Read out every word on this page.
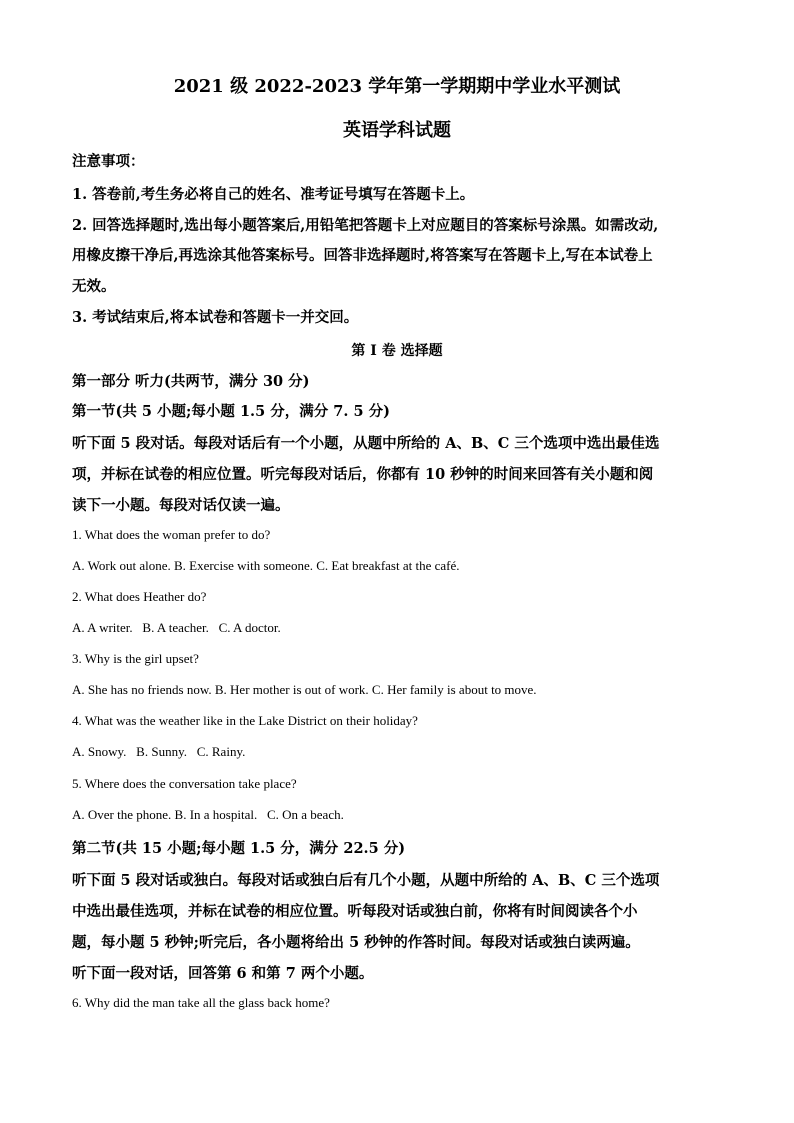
2021 级 2022-2023 学年第一学期期中学业水平测试
英语学科试题
注意事项：
1. 答卷前,考生务必将自己的姓名、准考证号填写在答题卡上。
2. 回答选择题时,选出每小题答案后,用铅笔把答题卡上对应题目的答案标号涂黑。如需改动,
用橡皮擦干净后,再选涂其他答案标号。回答非选择题时,将答案写在答题卡上,写在本试卷上
无效。
3. 考试结束后,将本试卷和答题卡一并交回。
第 I 卷 选择题
第一部分 听力(共两节，满分 30 分)
第一节(共 5 小题;每小题 1.5 分，满分 7. 5 分)
听下面 5 段对话。每段对话后有一个小题，从题中所给的 A、B、C 三个选项中选出最佳选
项，并标在试卷的相应位置。听完每段对话后，你都有 10 秒钟的时间来回答有关小题和阅
读下一小题。每段对话仅读一遍。
1. What does the woman prefer to do?
A. Work out alone. B. Exercise with someone. C. Eat breakfast at the café.
2. What does Heather do?
A. A writer.   B. A teacher.   C. A doctor.
3. Why is the girl upset?
A. She has no friends now. B. Her mother is out of work. C. Her family is about to move.
4. What was the weather like in the Lake District on their holiday?
A. Snowy.   B. Sunny.   C. Rainy.
5. Where does the conversation take place?
A. Over the phone. B. In a hospital.   C. On a beach.
第二节(共 15 小题;每小题 1.5 分，满分 22.5 分)
听下面 5 段对话或独白。每段对话或独白后有几个小题，从题中所给的 A、B、C 三个选项
中选出最佳选项，并标在试卷的相应位置。听每段对话或独白前，你将有时间阅读各个小
题，每小题 5 秒钟;听完后，各小题将给出 5 秒钟的作答时间。每段对话或独白读两遍。
听下面一段对话，回答第 6 和第 7 两个小题。
6. Why did the man take all the glass back home?
